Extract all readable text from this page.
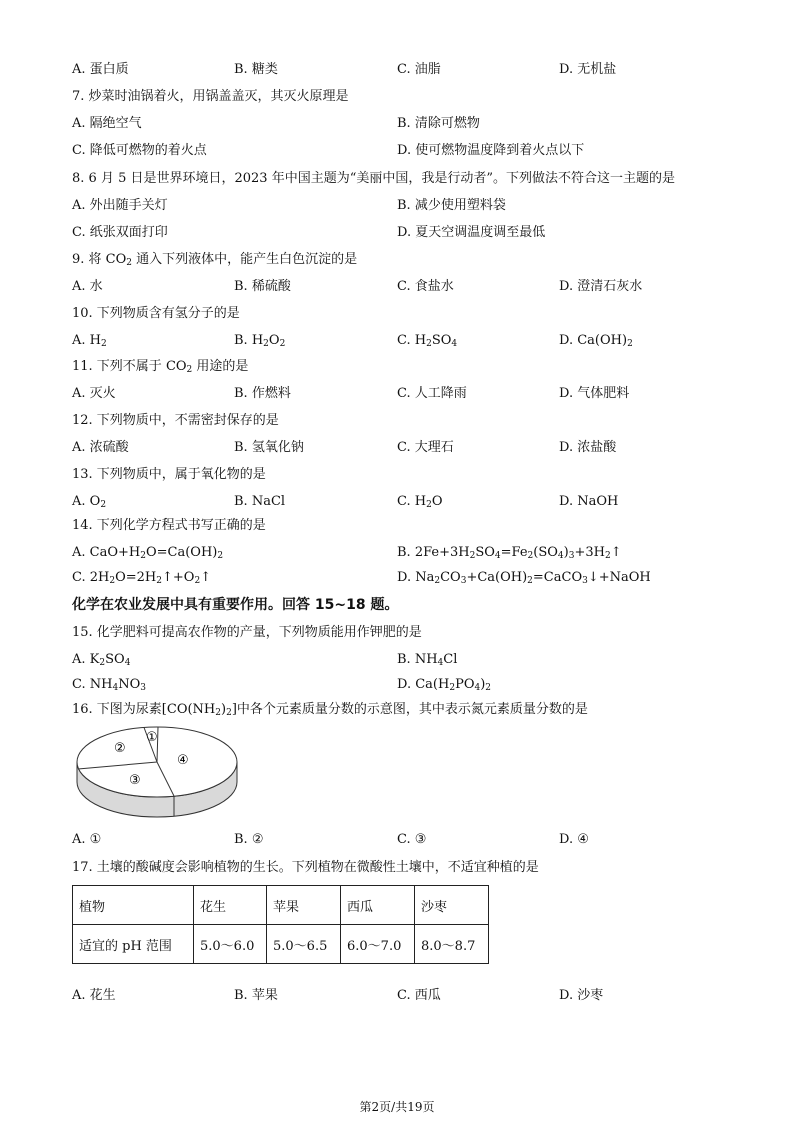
A. 蛋白质	B. 糖类	C. 油脂	D. 无机盐
7. 炒菜时油锅着火，用锅盖盖灭，其灭火原理是
A. 隔绝空气	B. 清除可燃物
C. 降低可燃物的着火点	D. 使可燃物温度降到着火点以下
8. 6 月 5 日是世界环境日，2023 年中国主题为“美丽中国，我是行动者”。下列做法不符合这一主题的是
A. 外出随手关灯	B. 减少使用塑料袋
C. 纸张双面打印	D. 夏天空调温度调至最低
9. 将 $CO_2$ 通入下列液体中，能产生白色沉淀的是
A. 水	B. 稀硫酸	C. 食盐水	D. 澄清石灰水
10. 下列物质含有氢分子的是
A. $H_2$	B. $H_2O_2$	C. $H_2SO_4$	D. $Ca(OH)_2$
11. 下列不属于 $CO_2$ 用途的是
A. 灭火	B. 作燃料	C. 人工降雨	D. 气体肥料
12. 下列物质中，不需密封保存的是
A. 浓硫酸	B. 氢氧化钠	C. 大理石	D. 浓盐酸
13. 下列物质中，属于氧化物的是
A. $O_2$	B. NaCl	C. $H_2O$	D. NaOH
14. 下列化学方程式书写正确的是
A. $CaO+H_2O=Ca(OH)_2$	B. $2Fe+3H_2SO_4=Fe_2(SO_4)_3+3H_2↑$
C. $2H_2O=2H_2↑+O_2↑$	D. $Na_2CO_3+Ca(OH)_2=CaCO_3↓+NaOH$
化学在农业发展中具有重要作用。回答 15~18 题。
15. 化学肥料可提高农作物的产量，下列物质能用作钾肥的是
A. $K_2SO_4$	B. $NH_4Cl$
C. $NH_4NO_3$	D. $Ca(H_2PO_4)_2$
16. 下图为尿素$[CO(NH_2)_2]$中各个元素质量分数的示意图，其中表示氮元素质量分数的是
①
②
③
④
A. ①	B. ②	C. ③	D. ④
17. 土壤的酸碱度会影响植物的生长。下列植物在微酸性土壤中，不适宜种植的是
植物	花生	苹果	西瓜	沙枣
适宜的 pH 范围	5.0～6.0	5.0～6.5	6.0～7.0	8.0～8.7
A. 花生	B. 苹果	C. 西瓜	D. 沙枣
第2页/共19页
